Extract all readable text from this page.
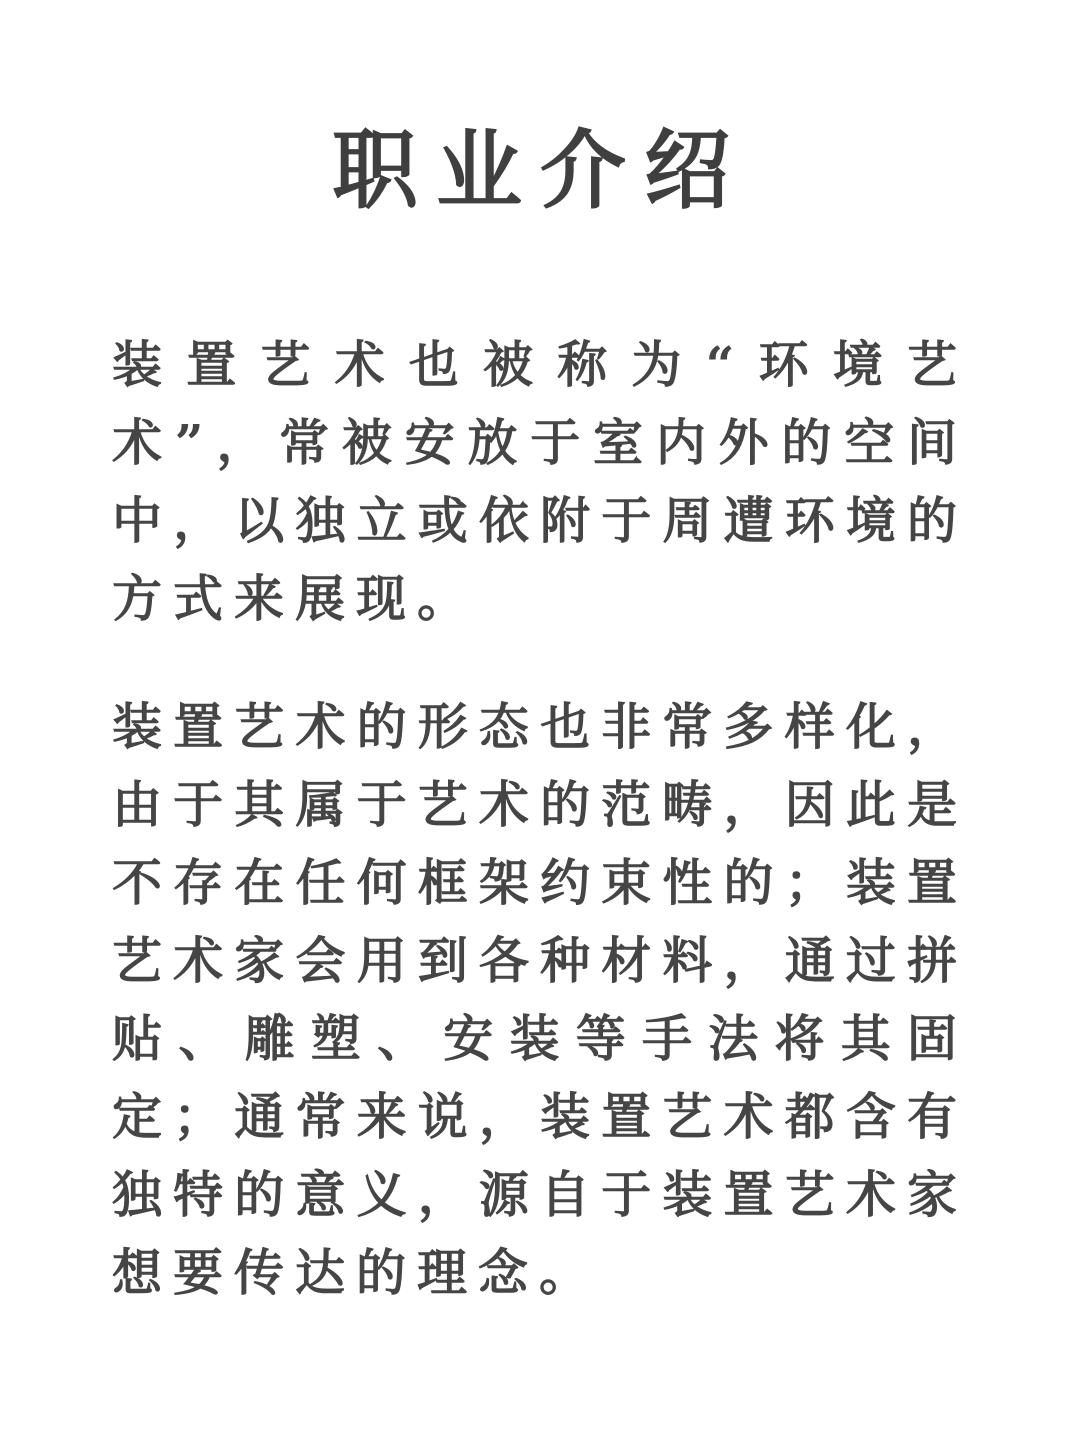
职业介绍

装置艺术也被称为“环境艺术”，常被安放于室内外的空间中，以独立或依附于周遭环境的方式来展现。

装置艺术的形态也非常多样化，由于其属于艺术的范畴，因此是不存在任何框架约束性的；装置艺术家会用到各种材料，通过拼贴、雕塑、安装等手法将其固定；通常来说，装置艺术都含有独特的意义，源自于装置艺术家想要传达的理念。
